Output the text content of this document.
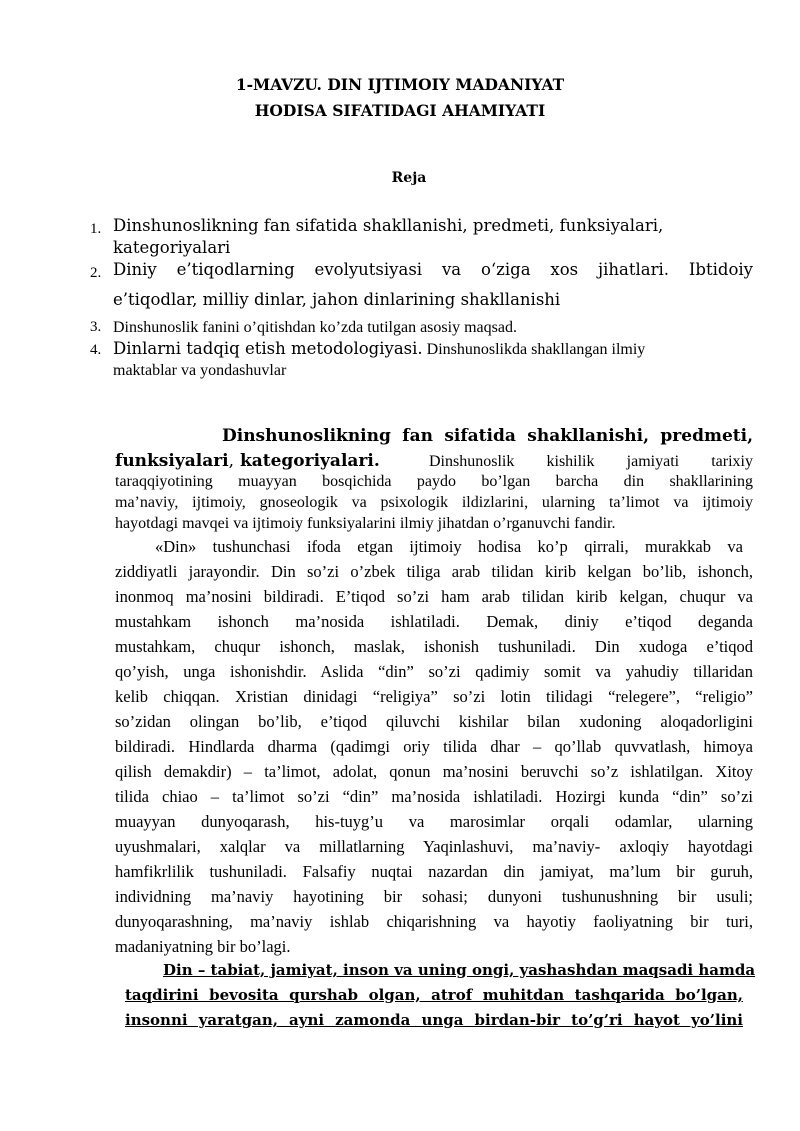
1-MAVZU. DIN IJTIMOIY MADANIYAT
HODISA SIFATIDAGI AHAMIYATI
Reja
1. Dinshunoslikning fan sifatida shakllanishi, predmeti, funksiyalari,
kategoriyalari
2. Diniy e’tiqodlarning evolyutsiyasi va o‘ziga xos jihatlari. Ibtidoiy
e’tiqodlar, milliy dinlar, jahon dinlarining shakllanishi
3. Dinshunoslik fanini o’qitishdan ko’zda tutilgan asosiy maqsad.
4. Dinlarni tadqiq etish metodologiyasi. Dinshunoslikda shakllangan ilmiy
maktablar va yondashuvlar
Dinshunoslikning fan sifatida shakllanishi, predmeti,
funksiyalari, kategoriyalari.	Dinshunoslik kishilik jamiyati tarixiy
taraqqiyotining muayyan bosqichida paydo bo’lgan barcha din shakllarining
ma’naviy, ijtimoiy, gnoseologik va psixologik ildizlarini, ularning ta’limot va ijtimoiy
hayotdagi mavqei va ijtimoiy funksiyalarini ilmiy jihatdan o’rganuvchi fandir.
«Din» tushunchasi ifoda etgan ijtimoiy hodisa ko’p qirrali, murakkab va
ziddiyatli jarayondir. Din so’zi o’zbek tiliga arab tilidan kirib kelgan bo’lib, ishonch,
inonmoq ma’nosini bildiradi. E’tiqod so’zi ham arab tilidan kirib kelgan, chuqur va
mustahkam ishonch ma’nosida ishlatiladi. Demak, diniy e’tiqod deganda
mustahkam, chuqur ishonch, maslak, ishonish tushuniladi. Din xudoga e’tiqod
qo’yish, unga ishonishdir. Aslida “din” so’zi qadimiy somit va yahudiy tillaridan
kelib chiqqan. Xristian dinidagi “religiya” so’zi lotin tilidagi “relegere”, “religio”
so’zidan olingan bo’lib, e’tiqod qiluvchi kishilar bilan xudoning aloqadorligini
bildiradi. Hindlarda dharma (qadimgi oriy tilida dhar – qo’llab quvvatlash, himoya
qilish demakdir) – ta’limot, adolat, qonun ma’nosini beruvchi so’z ishlatilgan. Xitoy
tilida chiao – ta’limot so’zi “din” ma’nosida ishlatiladi. Hozirgi kunda “din” so’zi
muayyan dunyoqarash, his-tuyg’u va marosimlar orqali odamlar, ularning
uyushmalari, xalqlar va millatlarning Yaqinlashuvi, ma’naviy- axloqiy hayotdagi
hamfikrlilik tushuniladi. Falsafiy nuqtai nazardan din jamiyat, ma’lum bir guruh,
individning ma’naviy hayotining bir sohasi; dunyoni tushunushning bir usuli;
dunyoqarashning, ma’naviy ishlab chiqarishning va hayotiy faoliyatning bir turi,
madaniyatning bir bo’lagi.
Din – tabiat, jamiyat, inson va uning ongi, yashashdan maqsadi hamda
taqdirini bevosita qurshab olgan, atrof muhitdan tashqarida bo’lgan,
insonni yaratgan, ayni zamonda unga birdan-bir to’g’ri hayot yo’lini
